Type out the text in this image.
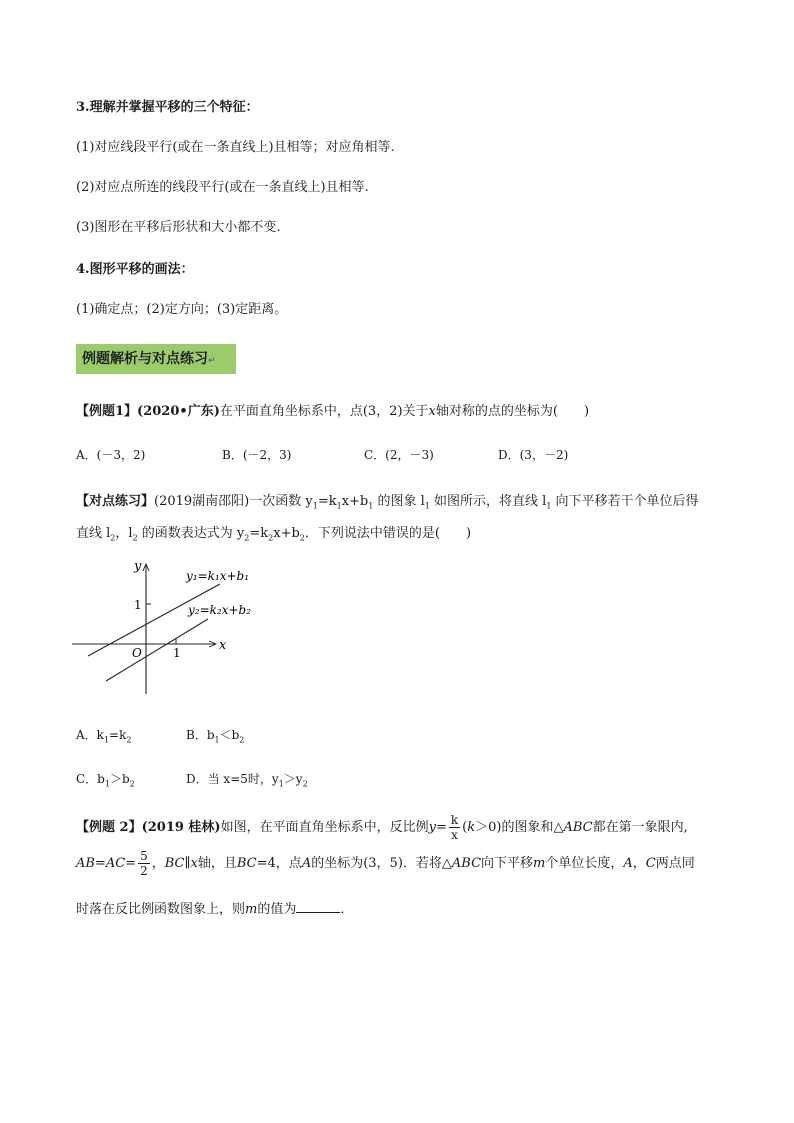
3.理解并掌握平移的三个特征：
(1)对应线段平行(或在一条直线上)且相等；对应角相等.
(2)对应点所连的线段平行(或在一条直线上)且相等.
(3)图形在平移后形状和大小都不变.
4.图形平移的画法：
(1)确定点；(2)定方向；(3)定距离。
例题解析与对点练习↵
【例题1】(2020•广东)在平面直角坐标系中，点(3，2)关于x轴对称的点的坐标为(　　)
A．(－3，2)	B．(－2，3)	C．(2，－3)	D．(3，－2)
【对点练习】(2019湖南邵阳)一次函数 $y_1=k_1x+b_1$ 的图象 $l_1$ 如图所示，将直线 $l_1$ 向下平移若干个单位后得
直线 $l_2$，$l_2$ 的函数表达式为 $y_2=k_2x+b_2$．下列说法中错误的是(　　)
y
x
O	1
1
y₁=k₁x+b₁
y₂=k₂x+b₂
A．$k_1=k_2$	B．$b_1<b_2$
C．$b_1>b_2$	D．当 x=5时，$y_1>y_2$
【例题 2】(2019 桂林)如图，在平面直角坐标系中，反比例$y= \frac{k}{x} (k>0)$的图象和△ABC都在第一象限内,
$AB=AC= \frac{5}{2}$ ，BC∥x轴，且BC=4，点A的坐标为(3，5)．若将△ABC向下平移m个单位长度，A，C两点同
时落在反比例函数图象上，则m的值为	．
